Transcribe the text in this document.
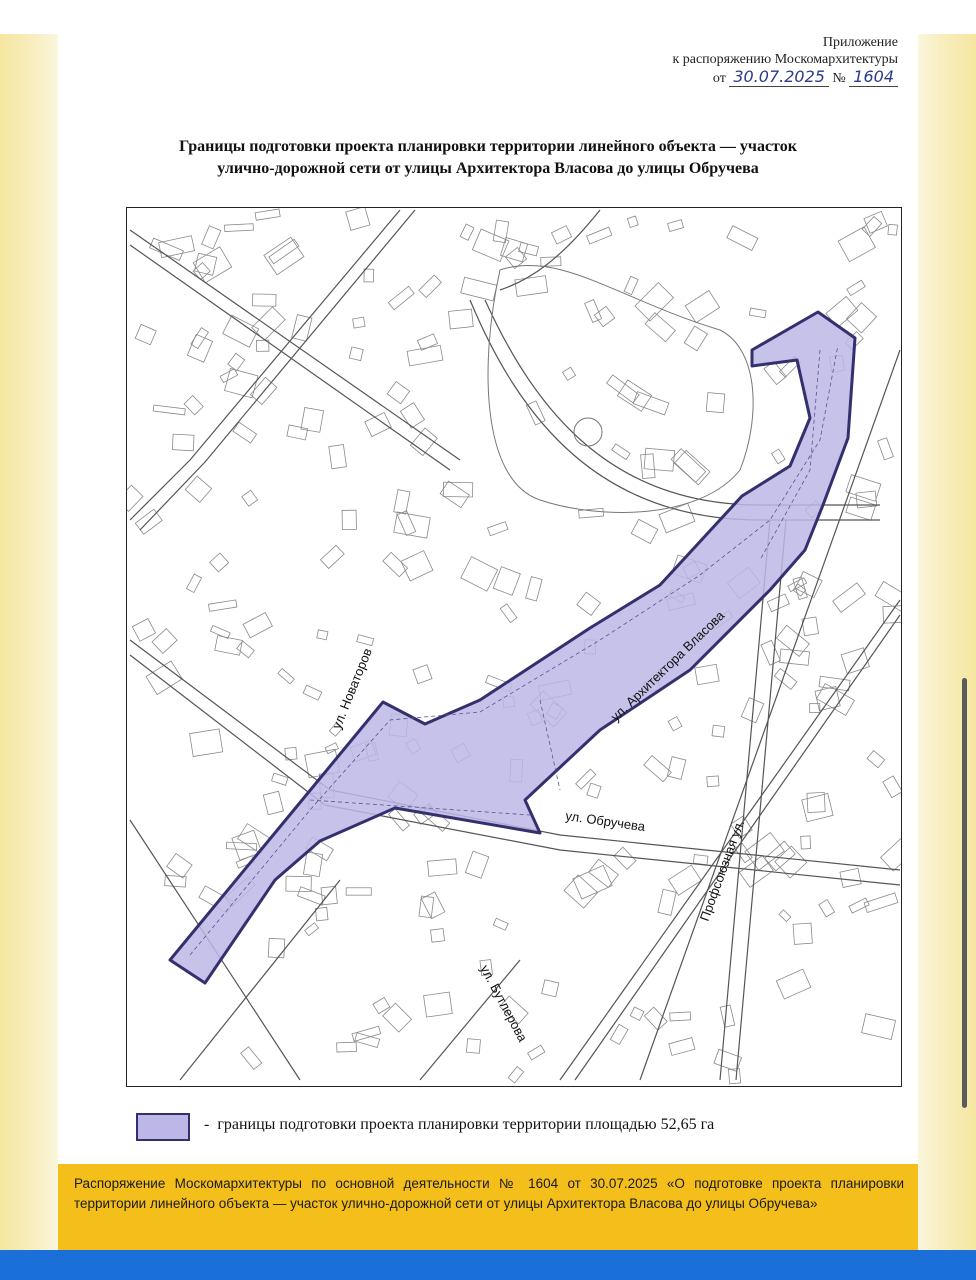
Приложение
к распоряжению Москомархитектуры
от 30.07.2025 № 1604
Границы подготовки проекта планировки территории линейного объекта — участок
улично-дорожной сети от улицы Архитектора Власова до улицы Обручева
ул. Новаторов	ул. Архитектора Власова
ул. Обручева	Профсоюзная ул.
ул. Бутлерова
- границы подготовки проекта планировки территории площадью 52,65 га
Распоряжение Москомархитектуры по основной деятельности № 1604 от 30.07.2025 «О подготовке проекта планировки территории линейного объекта — участок улично-дорожной сети от улицы Архитектора Власова до улицы Обручева»
